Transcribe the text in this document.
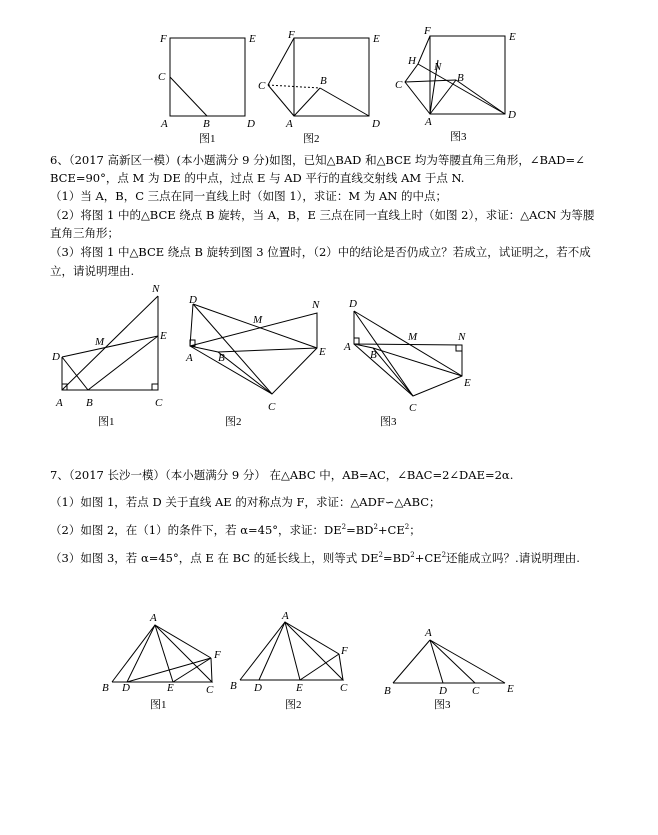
F	E
C
A	B	D
图1
F	E
C	B
A	D
图2
F	E
H N
C
B
A
D
图3
6、（2017 高新区一模）(本小题满分 9 分)如图，已知△BAD 和△BCE 均为等腰直角三角形，∠BAD=∠
BCE=90°，点 M 为 DE 的中点，过点 E 与 AD 平行的直线交射线 AM 于点 N.
（1）当 A，B，C 三点在同一直线上时（如图 1），求证：M 为 AN 的中点；
（2）将图 1 中的△BCE 绕点 B 旋转，当 A，B，E 三点在同一直线上时（如图 2），求证：△ACN 为等腰
直角三角形；
（3）将图 1 中△BCE 绕点 B 旋转到图 3 位置时，（2）中的结论是否仍成立？若成立，试证明之，若不成
立，请说明理由.
N
M	E
D
A B	C
图1
D
M
N
A B	E
C
图2
D
N
M
A
B
E
C
图3
7、（2017 长沙一模）（本小题满分 9 分） 在△ABC 中，AB=AC，∠BAC=2∠DAE=2α.
（1）如图 1，若点 D 关于直线 AE 的对称点为 F，求证：△ADF∽△ABC；
（2）如图 2，在（1）的条件下，若 α=45°，求证：$DE^2=BD^2+CE^2$；
（3）如图 3，若 α=45°，点 E 在 BC 的延长线上，则等式 $DE^2=BD^2+CE^2$还能成立吗？.请说明理由.
A
F
B D	E	C
图1
A
F
B D	E	C
图2
A
B	D C	E
图3
